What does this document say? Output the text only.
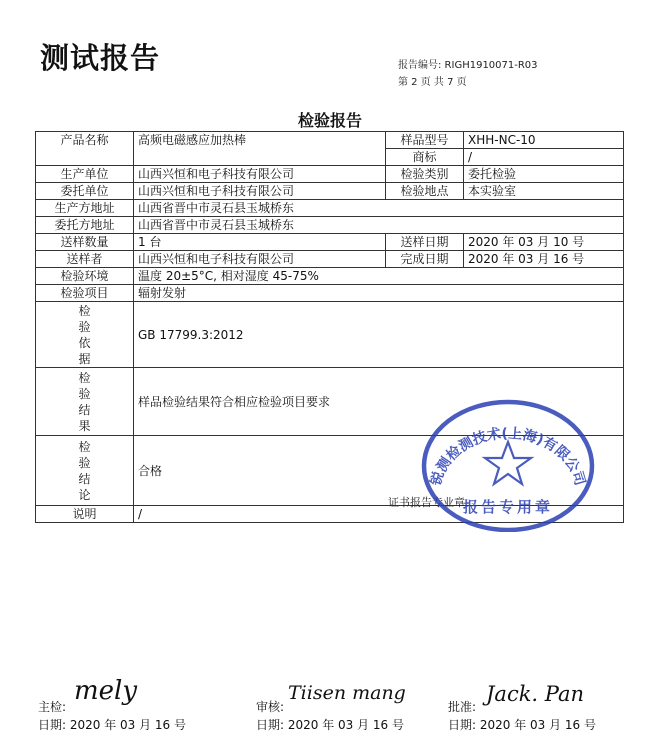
测试报告	报告编号: RIGH1910071-R03
第 2 页 共 7 页
检验报告
产品名称	高频电磁感应加热棒	样品型号	XHH-NC-10
		商标	/
生产单位	山西兴恒和电子科技有限公司	检验类别	委托检验
委托单位	山西兴恒和电子科技有限公司	检验地点	本实验室
生产方地址	山西省晋中市灵石县玉城桥东		
委托方地址	山西省晋中市灵石县玉城桥东		
送样数量	1 台	送样日期	2020 年 03 月 10 号
送样者	山西兴恒和电子科技有限公司	完成日期	2020 年 03 月 16 号
检验环境	温度 20±5°C, 相对湿度 45-75%		
检验项目	辐射发射		

检
验
依
据	GB 17799.3:2012		

检
验
结
果	样品检验结果符合相应检验项目要求		

检
验
结
论	合格		
说明	/		
证书报告专业章
锐测检测技术(上海)有限公司
报告专用章
主检:
mely
日期: 2020 年 03 月 16 号
审核:
Tiisen mang
日期: 2020 年 03 月 16 号
批准:
Jack. Pan
日期: 2020 年 03 月 16 号
